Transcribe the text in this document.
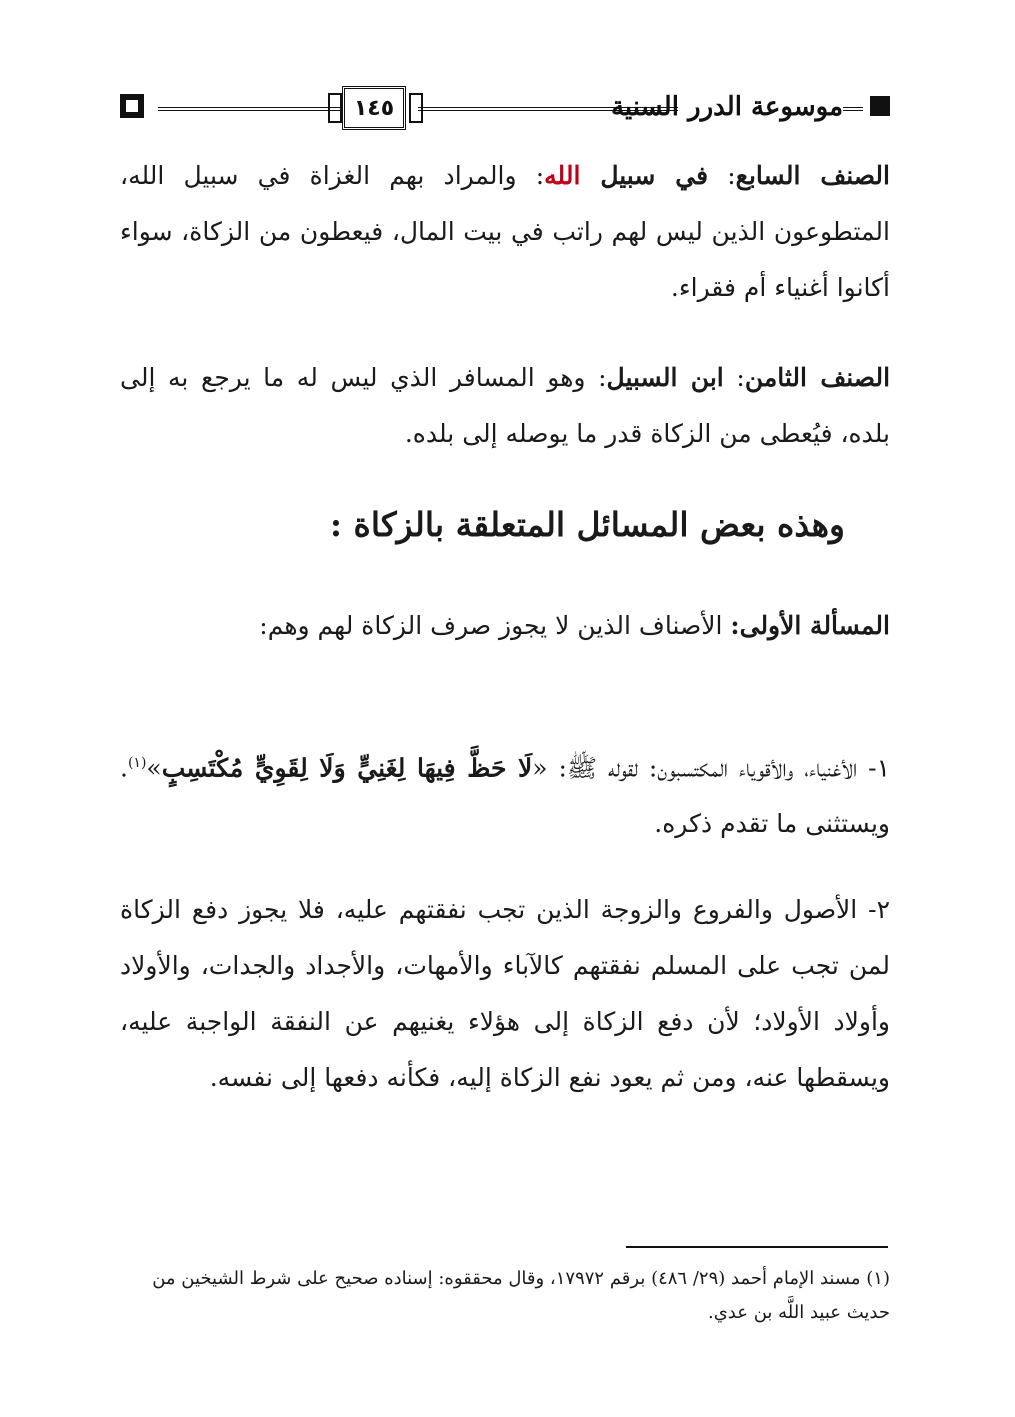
١٤٥	موسوعة الدرر السنية
الصنف السابع: في سبيل الله: والمراد بهم الغزاة في سبيل الله، المتطوعون الذين ليس لهم راتب في بيت المال، فيعطون من الزكاة، سواء أكانوا أغنياء أم فقراء.
الصنف الثامن: ابن السبيل: وهو المسافر الذي ليس له ما يرجع به إلى بلده، فيُعطى من الزكاة قدر ما يوصله إلى بلده.
وهذه بعض المسائل المتعلقة بالزكاة :
المسألة الأولى: الأصناف الذين لا يجوز صرف الزكاة لهم وهم:
١- الأغنياء، والأقوياء المكتسبون: لقوله ﷺ: «لَا حَظَّ فِيهَا لِغَنِيٍّ وَلَا لِقَوِيٍّ مُكْتَسِبٍ»$^{(١)}$. ويستثنى ما تقدم ذكره.
٢- الأصول والفروع والزوجة الذين تجب نفقتهم عليه، فلا يجوز دفع الزكاة لمن تجب على المسلم نفقتهم كالآباء والأمهات، والأجداد والجدات، والأولاد وأولاد الأولاد؛ لأن دفع الزكاة إلى هؤلاء يغنيهم عن النفقة الواجبة عليه، ويسقطها عنه، ومن ثم يعود نفع الزكاة إليه، فكأنه دفعها إلى نفسه.
(١) مسند الإمام أحمد (٢٩/ ٤٨٦) برقم ١٧٩٧٢، وقال محققوه: إسناده صحيح على شرط الشيخين من حديث عبيد اللَّه بن عدي.
